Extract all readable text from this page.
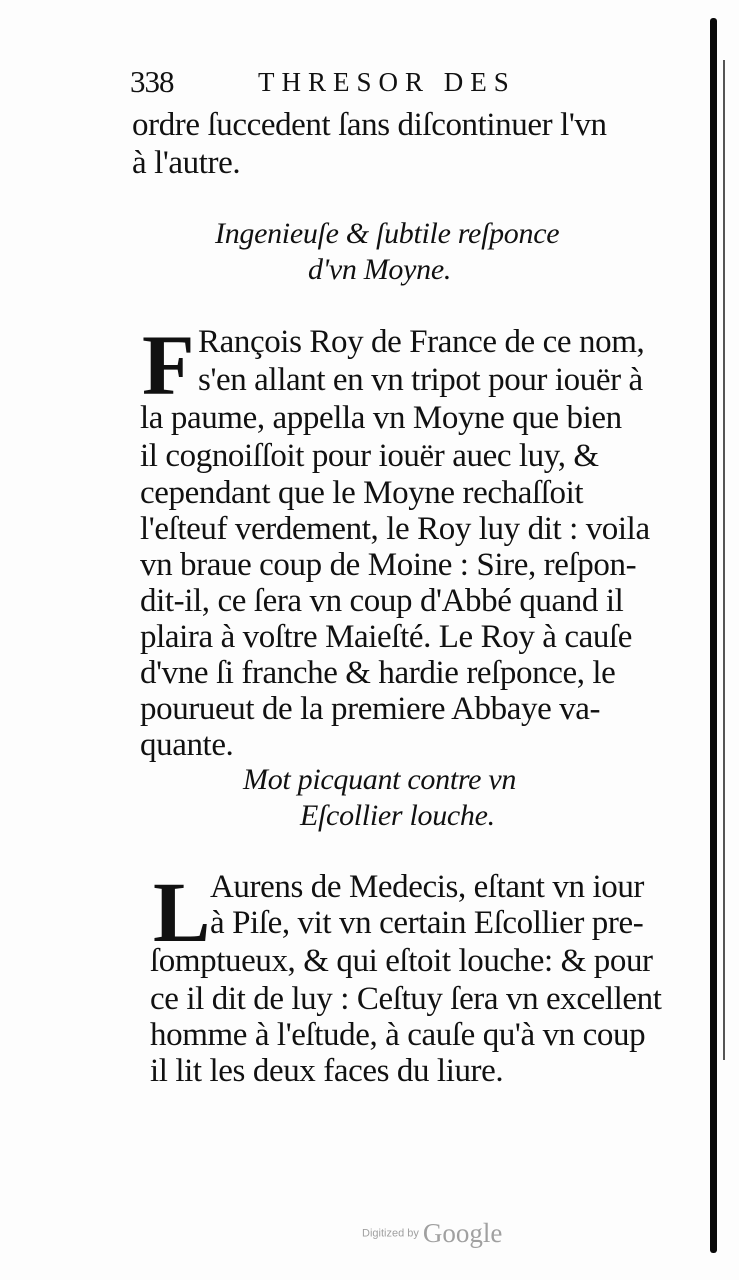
338	THRESOR DES
ordre ſuccedent ſans diſcontinuer l'vn
à l'autre.
Ingenieuſe & ſubtile reſponce
d'vn Moyne.
F Rançois Roy de France de ce nom,
s'en allant en vn tripot pour iouër à
la paume, appella vn Moyne que bien
il cognoiſſoit pour iouër auec luy, &
cependant que le Moyne rechaſſoit
l'eſteuf verdement, le Roy luy dit : voila
vn braue coup de Moine : Sire, reſpon-
dit-il, ce ſera vn coup d'Abbé quand il
plaira à voſtre Maieſté. Le Roy à cauſe
d'vne ſi franche & hardie reſponce, le
pourueut de la premiere Abbaye va-
quante.
Mot picquant contre vn
Eſcollier louche.
L Aurens de Medecis, eſtant vn iour
à Piſe, vit vn certain Eſcollier pre-
ſomptueux, & qui eſtoit louche: & pour
ce il dit de luy : Ceſtuy ſera vn excellent
homme à l'eſtude, à cauſe qu'à vn coup
il lit les deux faces du liure.
Digitized by Google
